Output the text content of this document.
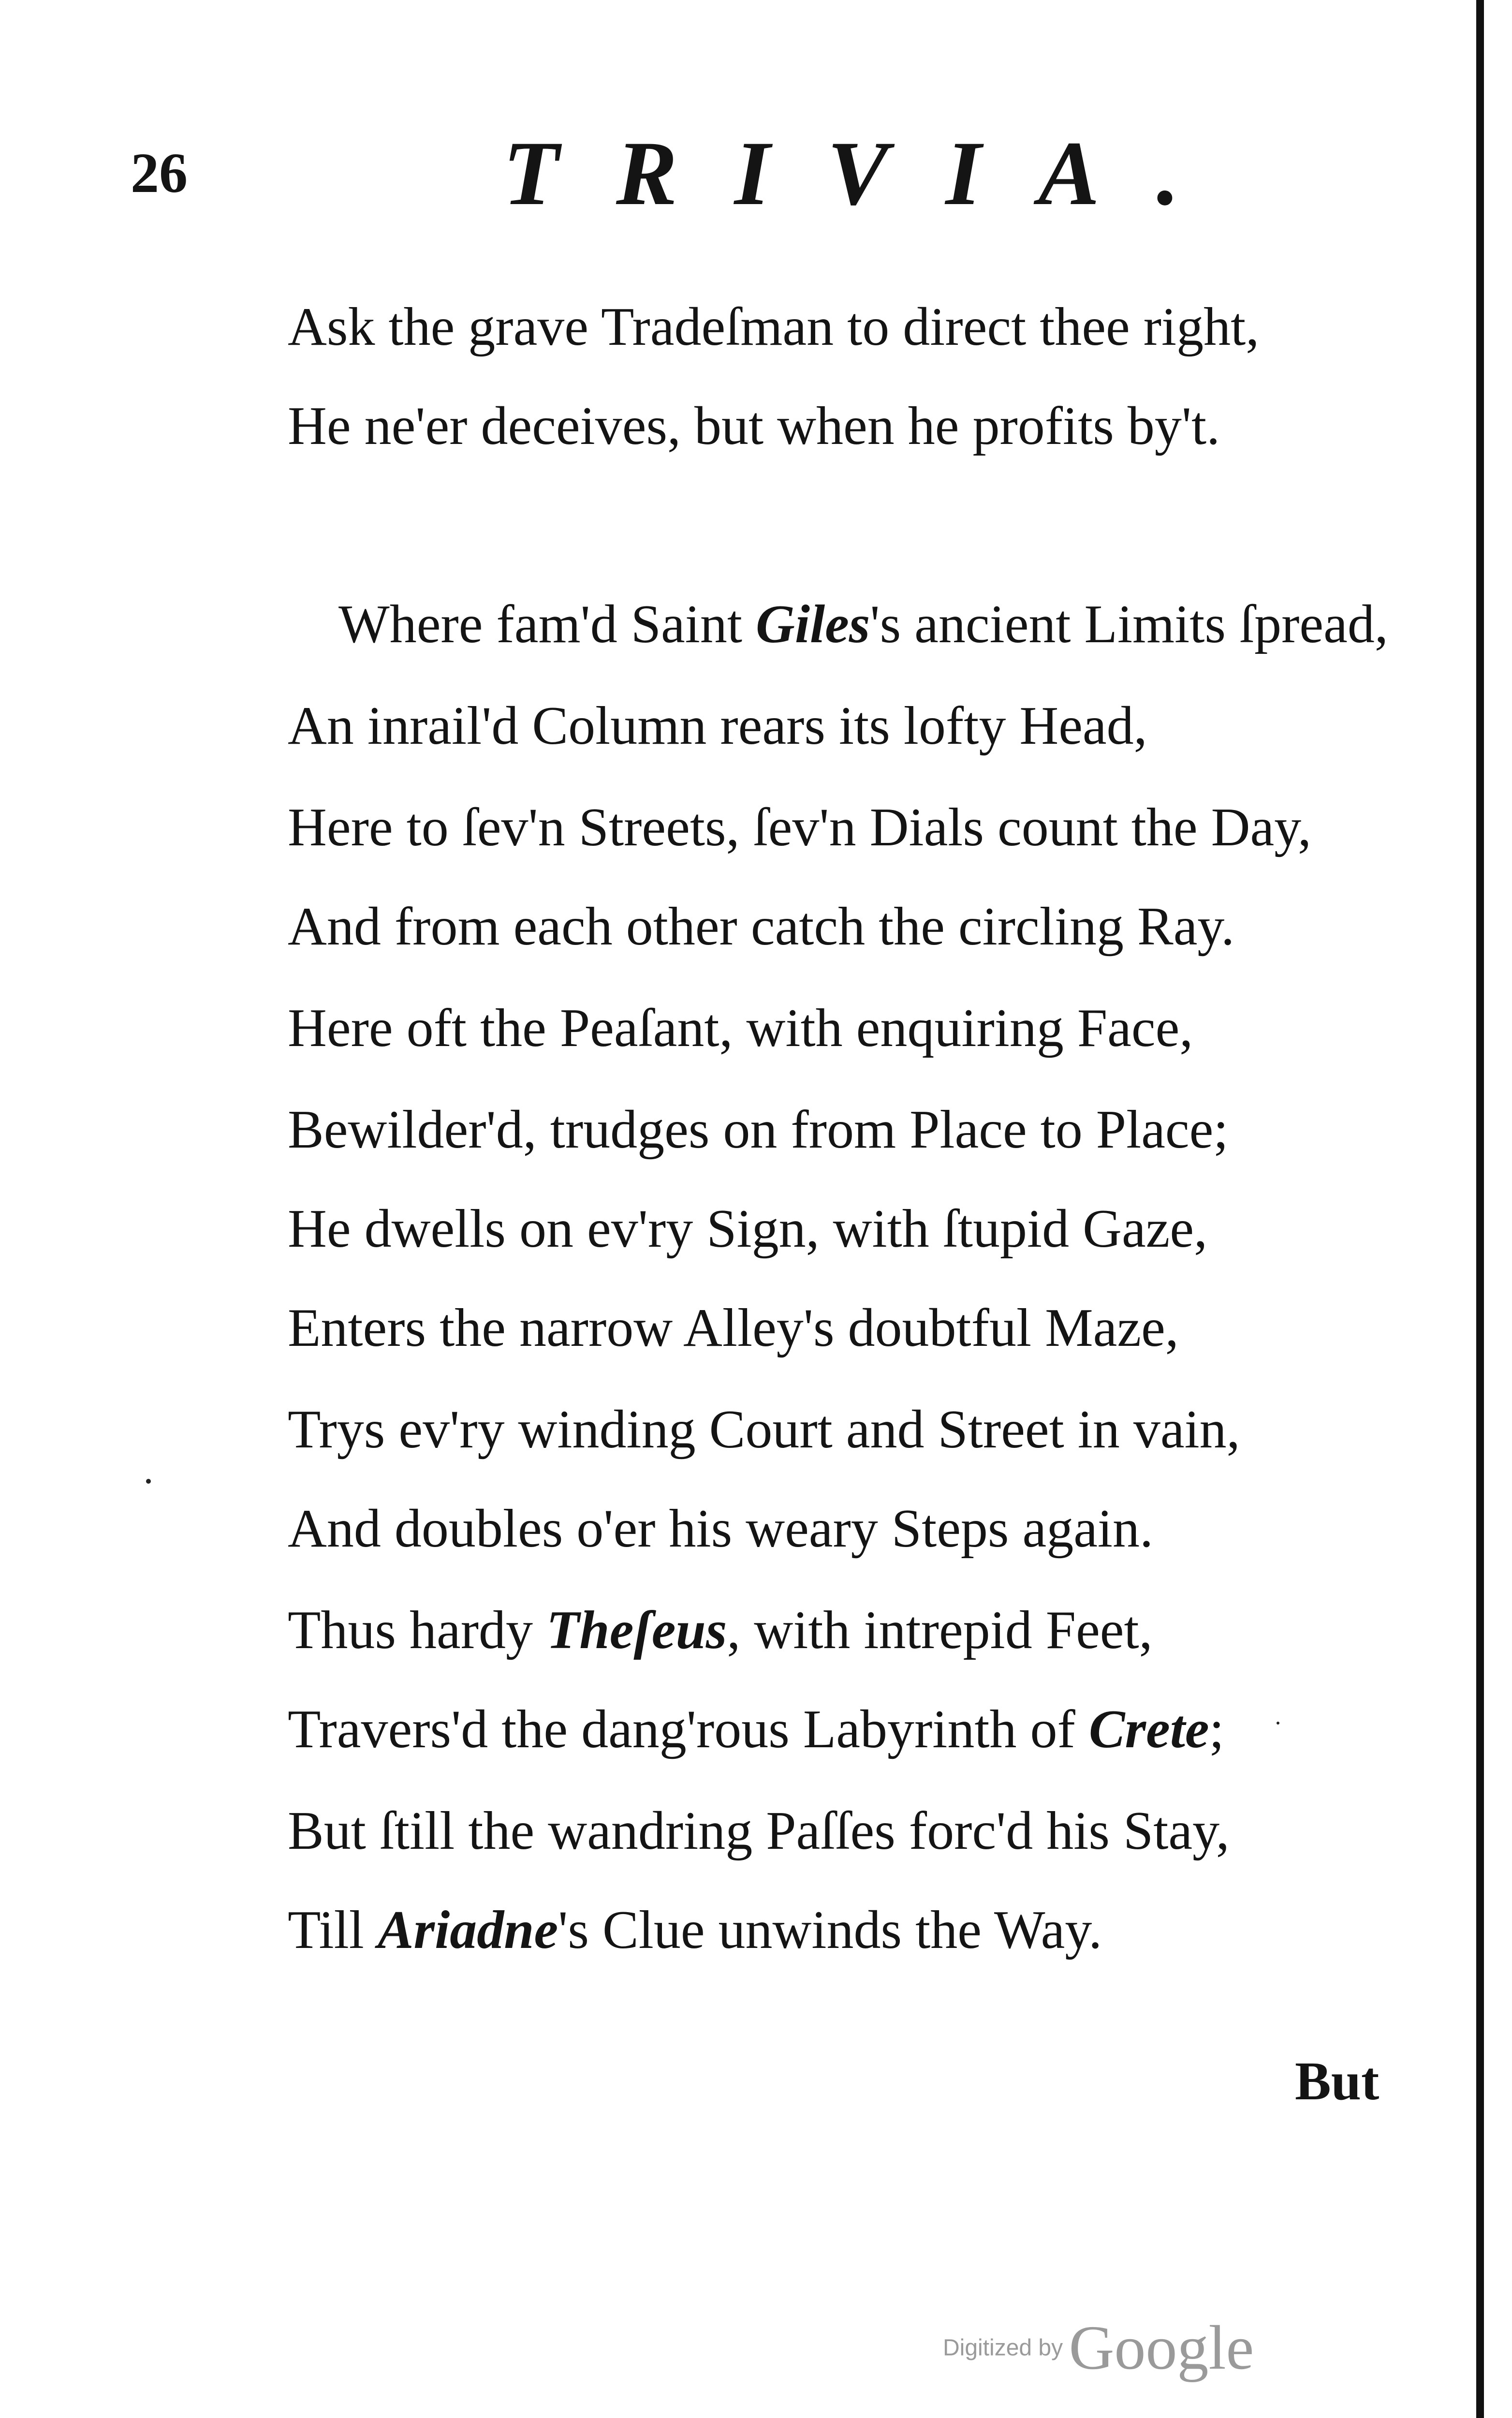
26	TRIVIA.
Ask the grave Tradeſman to direct thee right,
He ne'er deceives, but when he profits by't.
Where fam'd Saint Giles's ancient Limits ſpread,
An inrail'd Column rears its lofty Head,
Here to ſev'n Streets, ſev'n Dials count the Day,
And from each other catch the circling Ray.
Here oft the Peaſant, with enquiring Face,
Bewilder'd, trudges on from Place to Place;
He dwells on ev'ry Sign, with ſtupid Gaze,
Enters the narrow Alley's doubtful Maze,
Trys ev'ry winding Court and Street in vain,
And doubles o'er his weary Steps again.
Thus hardy Theſeus, with intrepid Feet,
Travers'd the dang'rous Labyrinth of Crete;
But ſtill the wandring Paſſes forc'd his Stay,
Till Ariadne's Clue unwinds the Way.
But
Digitized by Google
